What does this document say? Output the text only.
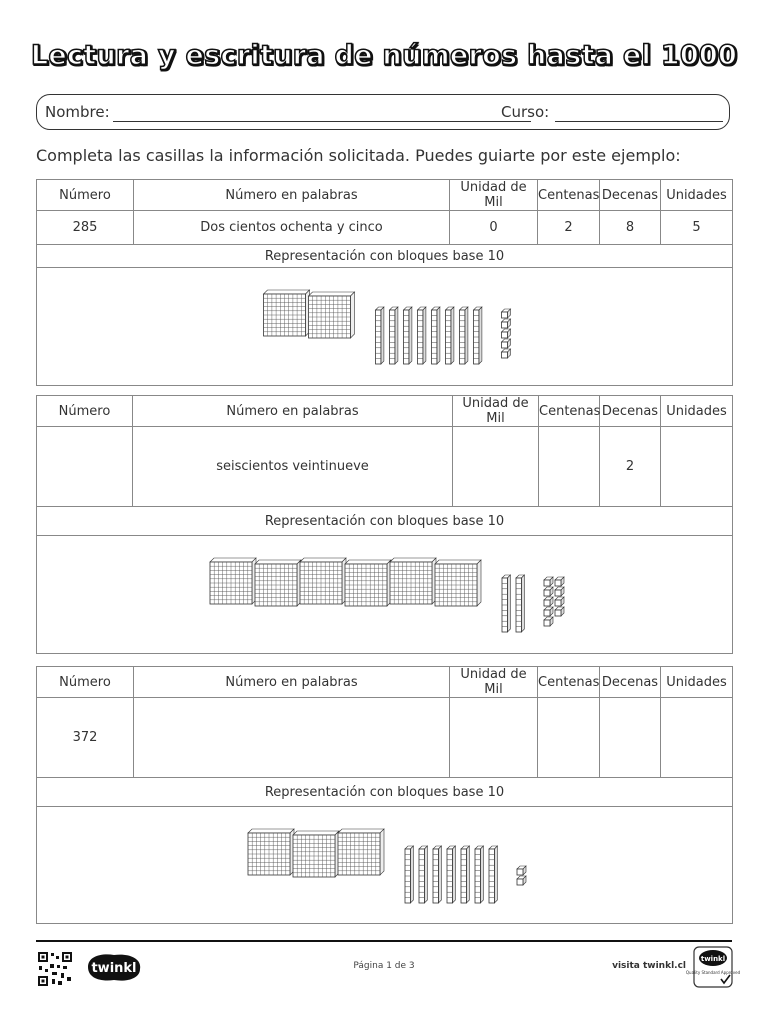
Lectura y escritura de números hasta el 1000
Nombre:	Curso:
Completa las casillas la información solicitada. Puedes guiarte por este ejemplo:
Número	Número en palabras	Unidad de Mil	Centenas	Decenas	Unidades
285	Dos cientos ochenta y cinco	0	2	8	5
Representación con bloques base 10					

Número	Número en palabras	Unidad de Mil	Centenas	Decenas	Unidades
	seiscientos veintinueve			2	
Representación con bloques base 10					

Número	Número en palabras	Unidad de Mil	Centenas	Decenas	Unidades
372					
Representación con bloques base 10					

twinkl	Página 1 de 3	visita twinkl.cl
twinkl
Quality Standard Approved
